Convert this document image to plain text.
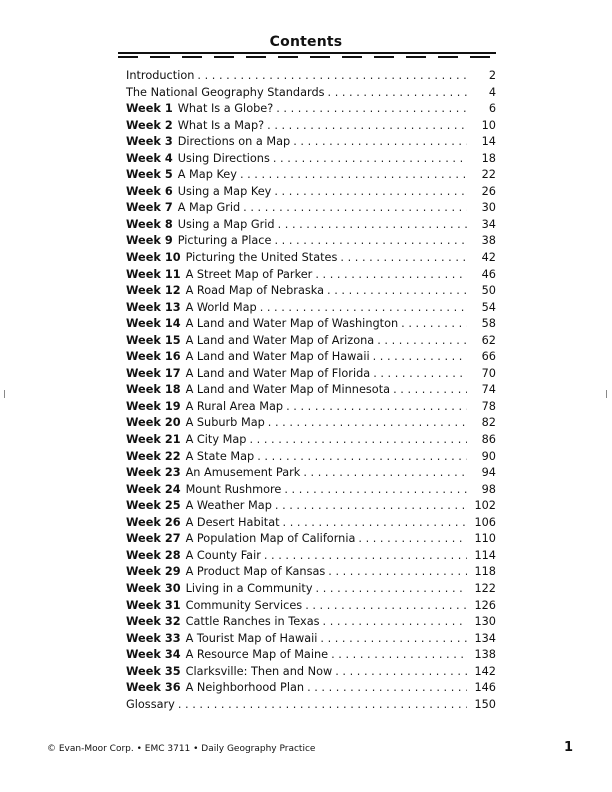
Contents
Introduction . . .	2
The National Geography Standards . . .	4
Week 1 What Is a Globe? . . .	6
Week 2 What Is a Map? . . .	10
Week 3 Directions on a Map . . .	14
Week 4 Using Directions . . .	18
Week 5 A Map Key . . .	22
Week 6 Using a Map Key . . .	26
Week 7 A Map Grid . . .	30
Week 8 Using a Map Grid . . .	34
Week 9 Picturing a Place . . .	38
Week 10 Picturing the United States . . .	42
Week 11 A Street Map of Parker . . .	46
Week 12 A Road Map of Nebraska . . .	50
Week 13 A World Map . . .	54
Week 14 A Land and Water Map of Washington . . .	58
Week 15 A Land and Water Map of Arizona . . .	62
Week 16 A Land and Water Map of Hawaii . . .	66
Week 17 A Land and Water Map of Florida . . .	70
Week 18 A Land and Water Map of Minnesota . . .	74
Week 19 A Rural Area Map . . .	78
Week 20 A Suburb Map . . .	82
Week 21 A City Map . . .	86
Week 22 A State Map . . .	90
Week 23 An Amusement Park . . .	94
Week 24 Mount Rushmore . . .	98
Week 25 A Weather Map . . .	102
Week 26 A Desert Habitat . . .	106
Week 27 A Population Map of California . . .	110
Week 28 A County Fair . . .	114
Week 29 A Product Map of Kansas . . .	118
Week 30 Living in a Community . . .	122
Week 31 Community Services . . .	126
Week 32 Cattle Ranches in Texas . . .	130
Week 33 A Tourist Map of Hawaii . . .	134
Week 34 A Resource Map of Maine . . .	138
Week 35 Clarksville: Then and Now . . .	142
Week 36 A Neighborhood Plan . . .	146
Glossary . . .	150
© Evan-Moor Corp. • EMC 3711 • Daily Geography Practice	1
